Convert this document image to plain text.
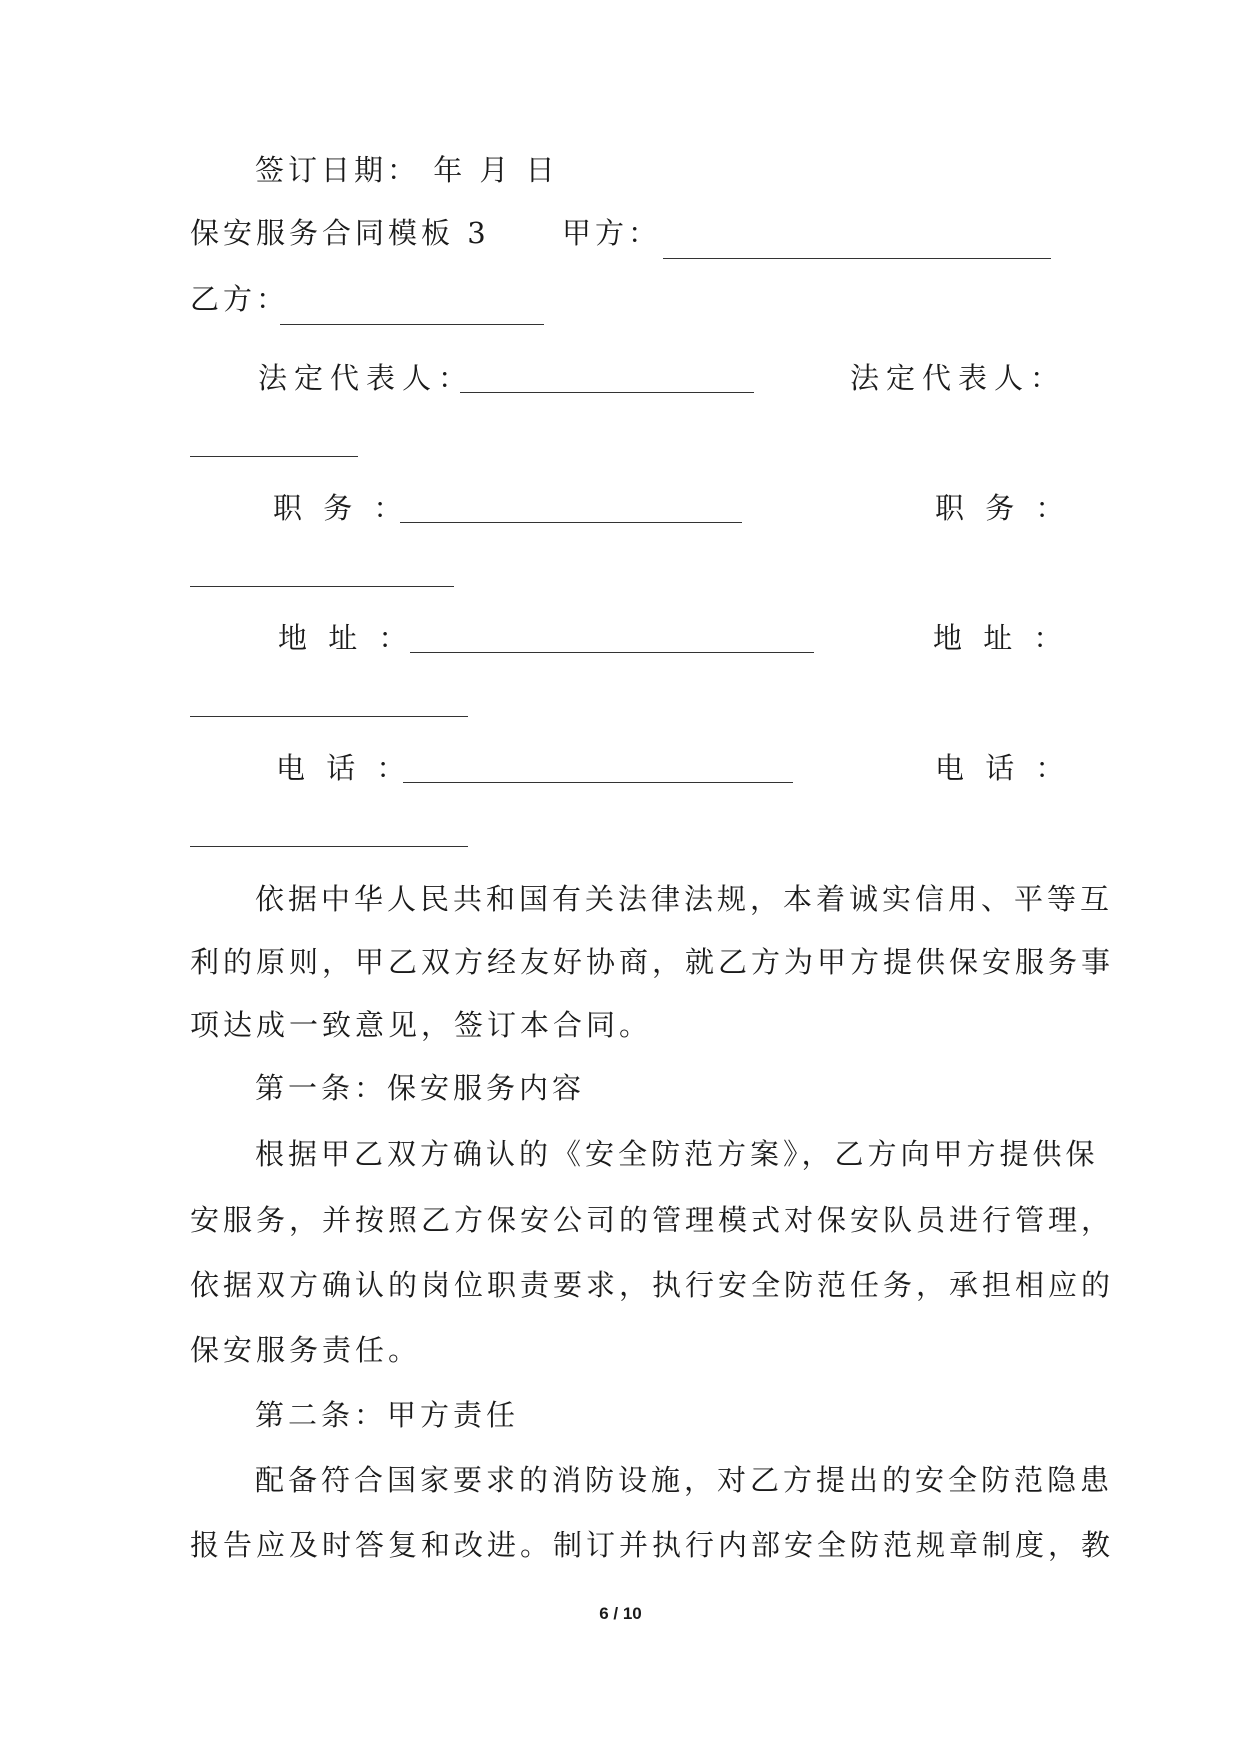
签订日期： 年 月 日
保安服务合同模板 3 甲方：
乙方：
法定代表人：	法定代表人：
职 务 ：	职 务 ：
地 址 ：	地 址 ：
电 话 ：	电 话 ：
依据中华人民共和国有关法律法规，本着诚实信用、平等互
利的原则，甲乙双方经友好协商，就乙方为甲方提供保安服务事
项达成一致意见，签订本合同。
第一条：保安服务内容
根据甲乙双方确认的《安全防范方案》，乙方向甲方提供保
安服务，并按照乙方保安公司的管理模式对保安队员进行管理，
依据双方确认的岗位职责要求，执行安全防范任务，承担相应的
保安服务责任。
第二条：甲方责任
配备符合国家要求的消防设施，对乙方提出的安全防范隐患
报告应及时答复和改进。制订并执行内部安全防范规章制度，教
6 / 10
